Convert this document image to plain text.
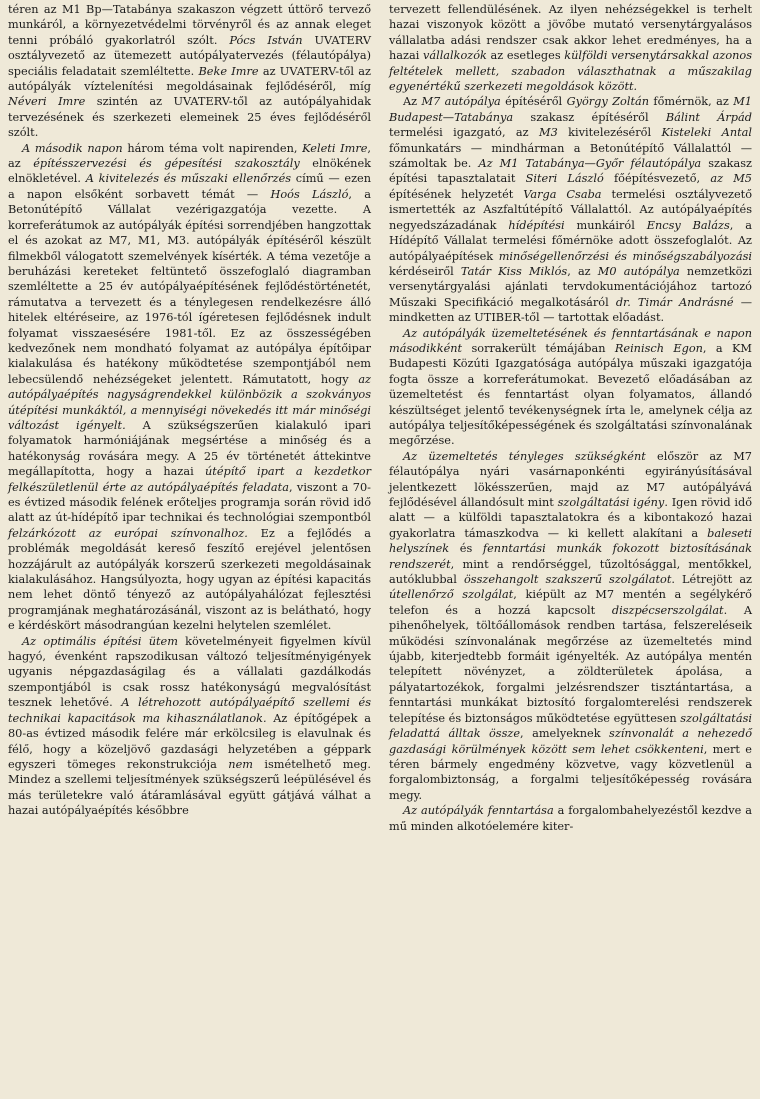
téren az M1 Bp—Tatabánya szakaszon végzett úttörő tervező munkáról, a környezetvédelmi törvényről és az annak eleget tenni próbáló gyakorlatról szólt. Pócs István UVATERV osztályvezető az ütemezett autópályatervezés (félautópálya) speciális feladatait szemléltette. Beke Imre az UVATERV-től az autópályák víztelenítési megoldásainak fejlődéséről, míg Néveri Imre szintén az UVATERV-től az autópályahidak tervezésének és szerkezeti elemeinek 25 éves fejlődéséről szólt.

A második napon három téma volt napirenden, Keleti Imre, az építésszervezési és gépesítési szakosztály elnökének elnökletével. A kivitelezés és műszaki ellenőrzés című — ezen a napon elsőként sorbavett témát — Hoós László, a Betonútépítő Vállalat vezérigazgatója vezette. A korreferátumok az autópályák építési sorrendjében hangzottak el és azokat az M7, M1, M3. autópályák építéséről készült filmekből válogatott szemelvények kísérték. A téma vezetője a beruházási kereteket feltüntető összefoglaló diagramban szemléltette a 25 év autópályaépítésének fejlődéstörténetét, rámutatva a tervezett és a ténylegesen rendelkezésre álló hitelek eltéréseire, az 1976-tól ígéretesen fejlődésnek indult folyamat visszaesésére 1981-től. Ez az összességében kedvezőnek nem mondható folyamat az autópálya építőipar kialakulása és hatékony működtetése szempontjából nem lebecsülendő nehézségeket jelentett. Rámutatott, hogy az autópályaépítés nagyságrendekkel különbözik a szokványos útépítési munkáktól, a mennyiségi növekedés itt már minőségi változást igényelt. A szükségszerűen kialakuló ipari folyamatok harmóniájának megsértése a minőség és a hatékonyság rovására megy. A 25 év történetét áttekintve megállapította, hogy a hazai útépítő ipart a kezdetkor felkészületlenül érte az autópályaépítés feladata, viszont a 70-es évtized második felének erőteljes programja során rövid idő alatt az út-hídépítő ipar technikai és technológiai szempontból felzárkózott az európai színvonalhoz. Ez a fejlődés a problémák megoldását kereső feszítő erejével jelentősen hozzájárult az autópályák korszerű szerkezeti megoldásainak kialakulásához. Hangsúlyozta, hogy ugyan az építési kapacitás nem lehet döntő tényező az autópályahálózat fejlesztési programjának meghatározásánál, viszont az is belátható, hogy e kérdéskört másodrangúan kezelni helytelen szemlélet.

Az optimális építési ütem követelményeit figyelmen kívül hagyó, évenként rapszodikusan változó teljesítményigények ugyanis népgazdaságilag és a vállalati gazdálkodás szempontjából is csak rossz hatékonyságú megvalósítást tesznek lehetővé. A létrehozott autópályaépítő szellemi és technikai kapacitások ma kihasználatlanok. Az építőgépek a 80-as évtized második felére már erkölcsileg is elavulnak és félő, hogy a közeljövő gazdasági helyzetében a géppark egyszeri tömeges rekonstrukciója nem ismételhető meg. Mindez a szellemi teljesítmények szükségszerű leépülésével és más területekre való átáramlásával együtt gátjává válhat a hazai autópályaépítés későbbre

tervezett fellendülésének. Az ilyen nehézségekkel is terhelt hazai viszonyok között a jövőbe mutató versenytárgyalásos vállalatba adási rendszer csak akkor lehet eredményes, ha a hazai vállalkozók az esetleges külföldi versenytársakkal azonos feltételek mellett, szabadon választhatnak a műszakilag egyenértékű szerkezeti megoldások között.

Az M7 autópálya építéséről György Zoltán főmérnök, az M1 Budapest—Tatabánya szakasz építéséről Bálint Árpád termelési igazgató, az M3 kivitelezéséről Kisteleki Antal főmunkatárs — mindhárman a Betonútépítő Vállalattól — számoltak be. Az M1 Tatabánya—Győr félautópálya szakasz építési tapasztalatait Siteri László főépítésvezető, az M5 építésének helyzetét Varga Csaba termelési osztályvezető ismertették az Aszfaltútépítő Vállalattól. Az autópályaépítés negyedszázadának hídépítési munkáiról Encsy Balázs, a Hídépítő Vállalat termelési főmérnöke adott összefoglalót. Az autópályaépítések minőségellenőrzési és minőségszabályozási kérdéseiről Tatár Kiss Miklós, az M0 autópálya nemzetközi versenytárgyalási ajánlati tervdokumentációjához tartozó Műszaki Specifikáció megalkotásáról dr. Timár Andrásné — mindketten az UTIBER-től — tartottak előadást.

Az autópályák üzemeltetésének és fenntartásának e napon másodikként sorrakerült témájában Reinisch Egon, a KM Budapesti Közúti Igazgatósága autópálya műszaki igazgatója fogta össze a korreferátumokat. Bevezető előadásában az üzemeltetést és fenntartást olyan folyamatos, állandó készültséget jelentő tevékenységnek írta le, amelynek célja az autópálya teljesítőképességének és szolgáltatási színvonalának megőrzése.

Az üzemeltetés tényleges szükségként először az M7 félautópálya nyári vasárnaponkénti egyirányúsításával jelentkezett lökésszerűen, majd az M7 autópályává fejlődésével állandósult mint szolgáltatási igény. Igen rövid idő alatt — a külföldi tapasztalatokra és a kibontakozó hazai gyakorlatra támaszkodva — ki kellett alakítani a baleseti helyszínek és fenntartási munkák fokozott biztosításának rendszerét, mint a rendőrséggel, tűzoltósággal, mentőkkel, autóklubbal összehangolt szakszerű szolgálatot. Létrejött az útellenőrző szolgálat, kiépült az M7 mentén a segélykérő telefon és a hozzá kapcsolt diszpécserszolgálat. A pihenőhelyek, töltőállomások rendben tartása, felszereléseik működési színvonalának megőrzése az üzemeltetés mind újabb, kiterjedtebb formáit igényelték. Az autópálya mentén telepített növényzet, a zöldterületek ápolása, a pályatartozékok, forgalmi jelzésrendszer tisztántartása, a fenntartási munkákat biztosító forgalomterelési rendszerek telepítése és biztonságos működtetése együttesen szolgáltatási feladattá álltak össze, amelyeknek színvonalát a nehezedő gazdasági körülmények között sem lehet csökkenteni, mert e téren bármely engedmény közvetve, vagy közvetlenül a forgalombiztonság, a forgalmi teljesítőképesség rovására megy.

Az autópályák fenntartása a forgalombahelyezéstől kezdve a mű minden alkotóelemére kiter-
